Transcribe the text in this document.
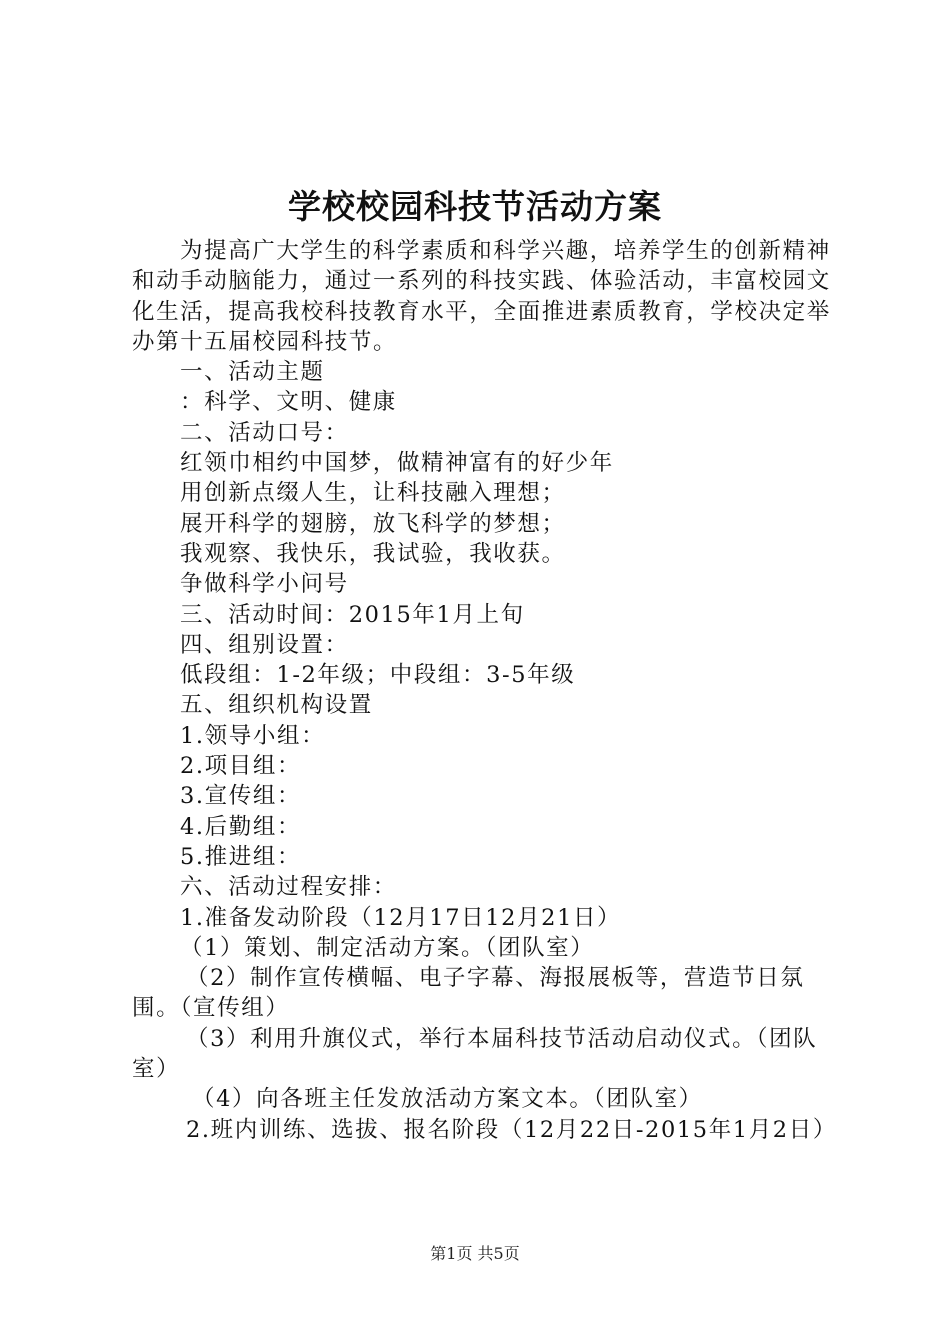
学校校园科技节活动方案

为提高广大学生的科学素质和科学兴趣，培养学生的创新精神和动手动脑能力，通过一系列的科技实践、体验活动，丰富校园文化生活，提高我校科技教育水平，全面推进素质教育，学校决定举办第十五届校园科技节。

一、活动主题

：科学、文明、健康

二、活动口号：

红领巾相约中国梦，做精神富有的好少年

用创新点缀人生，让科技融入理想；

展开科学的翅膀，放飞科学的梦想；

我观察、我快乐，我试验，我收获。

争做科学小问号

三、活动时间：2015年1月上旬

四、组别设置：

低段组：1-2年级；中段组：3-5年级

五、组织机构设置

1.领导小组：

2.项目组：

3.宣传组：

4.后勤组：

5.推进组：

六、活动过程安排：

1.准备发动阶段（12月17日12月21日）

（1）策划、制定活动方案。（团队室）

（2）制作宣传横幅、电子字幕、海报展板等，营造节日氛围。（宣传组）

（3）利用升旗仪式，举行本届科技节活动启动仪式。（团队室）

（4）向各班主任发放活动方案文本。（团队室）

2.班内训练、选拔、报名阶段（12月22日-2015年1月2日）

第1页 共5页
